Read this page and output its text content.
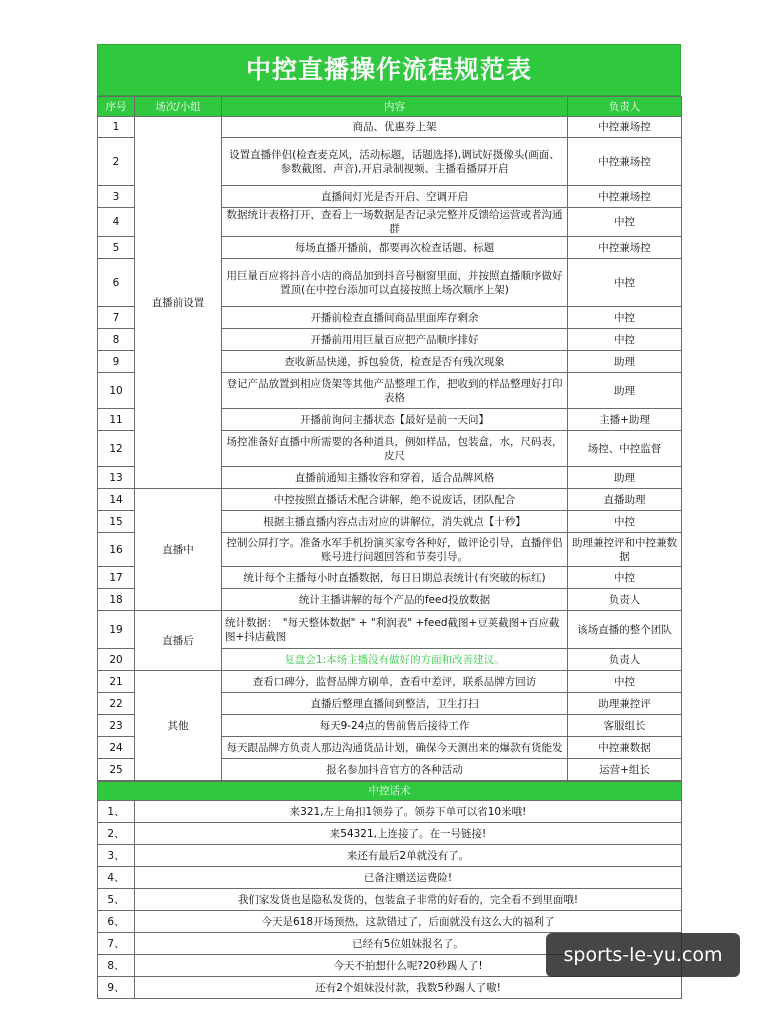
中控直播操作流程规范表
序号	场次/小组	内容	负责人
1	直播前设置	商品、优惠券上架	中控兼场控
2		设置直播伴侣(检查麦克风，活动标题，话题选择),调试好摄像头(画面、参数截图、声音),开启录制视频、主播看播屏开启	中控兼场控
3		直播间灯光是否开启、空调开启	中控兼场控
4		数据统计表格打开，查看上一场数据是否记录完整并反馈给运营或者沟通群	中控
5		每场直播开播前，都要再次检查话题、标题	中控兼场控
6		用巨量百应将抖音小店的商品加到抖音号橱窗里面，并按照直播顺序做好置顶(在中控台添加可以直接按照上场次顺序上架)	中控
7		开播前检查直播间商品里面库存剩余	中控
8		开播前用用巨量百应把产品顺序排好	中控
9		查收新品快递，拆包验货，检查是否有残次现象	助理
10		登记产品放置到相应货架等其他产品整理工作，把收到的样品整理好打印表格	助理
11		开播前询问主播状态【最好是前一天问】	主播+助理
12		场控准备好直播中所需要的各种道具，例如样品，包装盒，水，尺码表，皮尺	场控、中控监督
13		直播前通知主播妆容和穿着，适合品牌风格	助理
14	直播中	中控按照直播话术配合讲解，绝不说废话，团队配合	直播助理
15		根据主播直播内容点击对应的讲解位，消失就点【十秒】	中控
16		控制公屏打字。准备水军手机扮演买家夸各种好，做评论引导，直播伴侣账号进行问题回答和节奏引导。	助理兼控评和中控兼数据
17		统计每个主播每小时直播数据，每日日期总表统计(有突破的标红)	中控
18		统计主播讲解的每个产品的feed投放数据	负责人
19	直播后	统计数据：　"每天整体数据" + "利润表" +feed截图+豆荚截图+百应截图+抖店截图	该场直播的整个团队
20		复盘会1:本场主播没有做好的方面和改善建议。	负责人
21	其他	查看口碑分，监督品牌方刷单，查看中差评，联系品牌方回访	中控
22		直播后整理直播间到整洁，卫生打扫	助理兼控评
23		每天9-24点的售前售后接待工作	客服组长
24		每天跟品牌方负责人那边沟通货品计划，确保今天测出来的爆款有货能发	中控兼数据
25		报名参加抖音官方的各种活动	运营+组长
中控话术	
1、	来321,左上角扣1领券了。领券下单可以省10米哦!
2、	来54321,上连接了。在一号链接!
3、	来还有最后2单就没有了。
4、	已备注赠送运费险!
5、	我们家发货也是隐私发货的，包装盒子非常的好看的，完全看不到里面哦!
6、	今天是618开场预热，这款错过了，后面就没有这么大的福利了
7、	已经有5位姐妹报名了。
8、	今天不拍想什么呢?20秒踢人了!
9、	还有2个姐妹没付款，我数5秒踢人了嗷!
sports-le-yu.com
